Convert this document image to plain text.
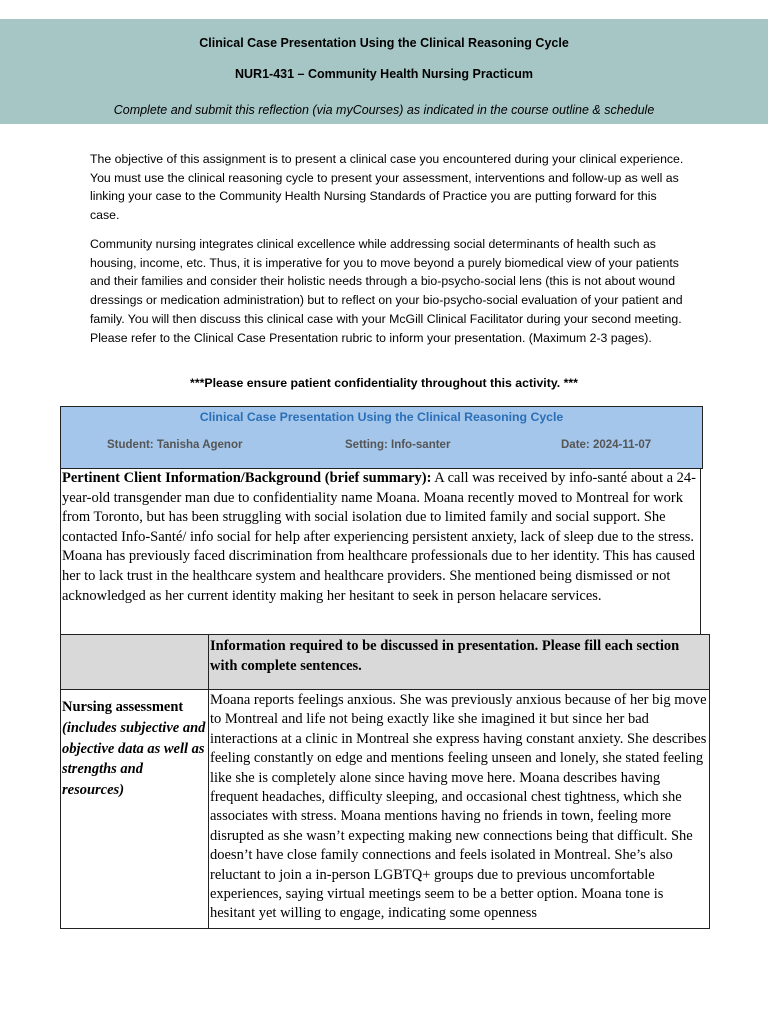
Clinical Case Presentation Using the Clinical Reasoning Cycle
NUR1-431 – Community Health Nursing Practicum
Complete and submit this reflection (via myCourses) as indicated in the course outline & schedule

The objective of this assignment is to present a clinical case you encountered during your clinical experience. You must use the clinical reasoning cycle to present your assessment, interventions and follow-up as well as linking your case to the Community Health Nursing Standards of Practice you are putting forward for this case.

Community nursing integrates clinical excellence while addressing social determinants of health such as housing, income, etc. Thus, it is imperative for you to move beyond a purely biomedical view of your patients and their families and consider their holistic needs through a bio-psycho-social lens (this is not about wound dressings or medication administration) but to reflect on your bio-psycho-social evaluation of your patient and family. You will then discuss this clinical case with your McGill Clinical Facilitator during your second meeting. Please refer to the Clinical Case Presentation rubric to inform your presentation. (Maximum 2-3 pages).

***Please ensure patient confidentiality throughout this activity. ***
Clinical Case Presentation Using the Clinical Reasoning Cycle
Student: Tanisha Agenor	Setting: Info-santer	Date: 2024-11-07
Pertinent Client Information/Background (brief summary): A call was received by info-santé about a 24-year-old transgender man due to confidentiality name Moana. Moana recently moved to Montreal for work from Toronto, but has been struggling with social isolation due to limited family and social support. She contacted Info-Santé/ info social for help after experiencing persistent anxiety, lack of sleep due to the stress. Moana has previously faced discrimination from healthcare professionals due to her identity. This has caused her to lack trust in the healthcare system and healthcare providers. She mentioned being dismissed or not acknowledged as her current identity making her hesitant to seek in person helacare services.
	Information required to be discussed in presentation. Please fill each section with complete sentences.
Nursing assessment
(includes subjective and objective data as well as strengths and resources)	Moana reports feelings anxious. She was previously anxious because of her big move to Montreal and life not being exactly like she imagined it but since her bad interactions at a clinic in Montreal she express having constant anxiety. She describes feeling constantly on edge and mentions feeling unseen and lonely, she stated feeling like she is completely alone since having move here. Moana describes having frequent headaches, difficulty sleeping, and occasional chest tightness, which she associates with stress. Moana mentions having no friends in town, feeling more disrupted as she wasn’t expecting making new connections being that difficult. She doesn’t have close family connections and feels isolated in Montreal. She’s also reluctant to join a in-person LGBTQ+ groups due to previous uncomfortable experiences, saying virtual meetings seem to be a better option. Moana tone is hesitant yet willing to engage, indicating some openness
